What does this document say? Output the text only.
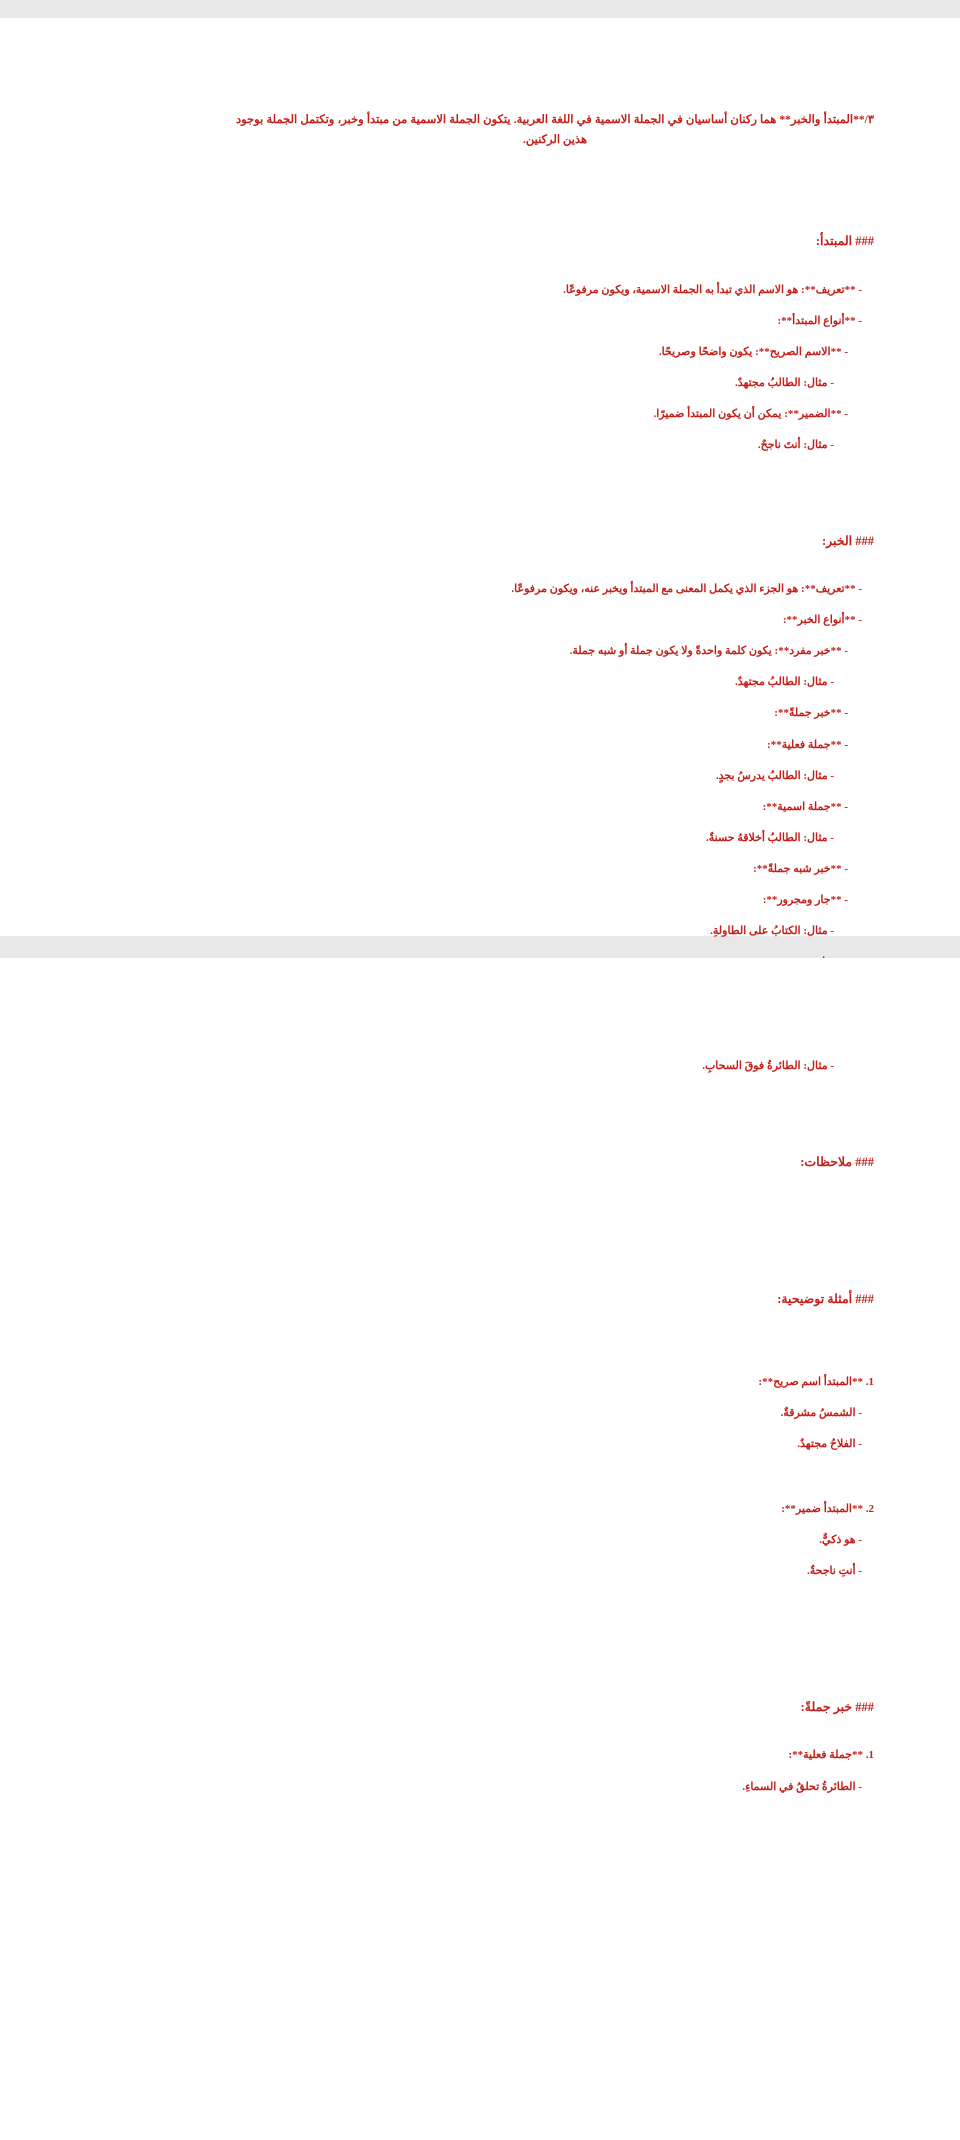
٣/**المبتدأ والخبر** هما ركنان أساسيان في الجملة الاسمية في اللغة العربية. يتكون الجملة الاسمية من مبتدأ وخبر، وتكتمل الجملة بوجود هذين الركنين.
### المبتدأ:
- **تعريف**: هو الاسم الذي تبدأ به الجملة الاسمية، ويكون مرفوعًا.
- **أنواع المبتدأ**:
- **الاسم الصريح**: يكون واضحًا وصريحًا.
- مثال: الطالبُ مجتهدٌ.
- **الضمير**: يمكن أن يكون المبتدأ ضميرًا.
- مثال: أنتَ ناجحٌ.
### الخبر:
- **تعريف**: هو الجزء الذي يكمل المعنى مع المبتدأ ويخبر عنه، ويكون مرفوعًا.
- **أنواع الخبر**:
- **خبر مفرد**: يكون كلمة واحدةً ولا يكون جملة أو شبه جملة.
- مثال: الطالبُ مجتهدٌ.
- **خبر جملةً**:
- **جملة فعلية**:
- مثال: الطالبُ يدرسُ بجدٍ.
- **جملة اسمية**:
- مثال: الطالبُ أخلاقهُ حسنةٌ.
- **خبر شبه جملةً**:
- **جار ومجرور**:
- مثال: الكتابُ على الطاولةِ.
- مثال: الطائرةُ فوقَ السحابِ.
### ملاحظات:
### أمثلة توضيحية:
1. **المبتدأ اسم صريح**:
- الشمسُ مشرقةٌ.
- الفلاحُ مجتهدٌ.
2. **المبتدأ ضمير**:
- هو ذكيٌّ.
- أنتِ ناجحةٌ.
### خبر جملةً:
1. **جملة فعلية**:
- الطائرةُ تحلقُ في السماءِ.
